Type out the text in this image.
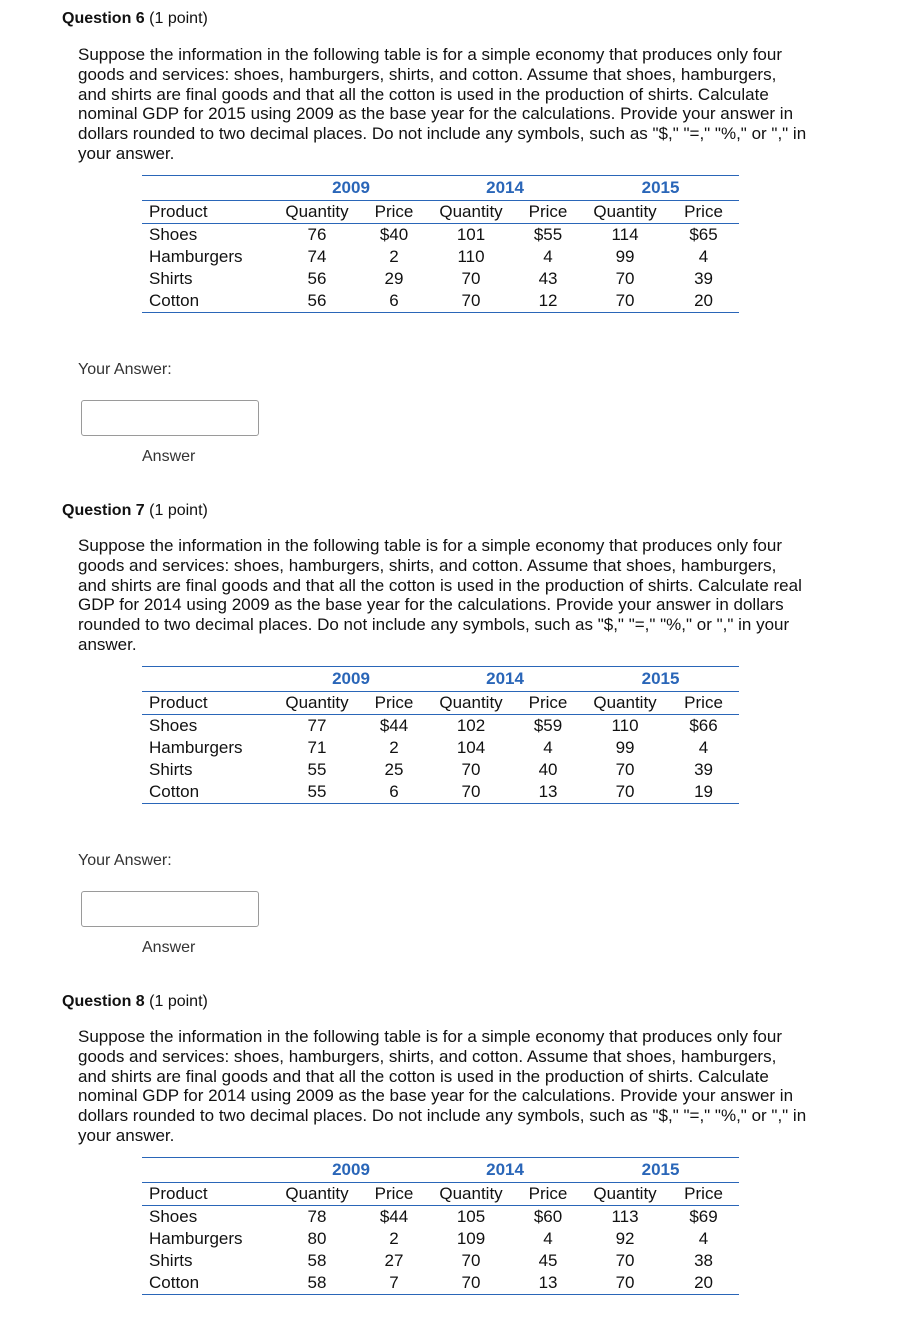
Question 6 (1 point)

Suppose the information in the following table is for a simple economy that produces only four goods and services: shoes, hamburgers, shirts, and cotton. Assume that shoes, hamburgers, and shirts are final goods and that all the cotton is used in the production of shirts. Calculate nominal GDP for 2015 using 2009 as the base year for the calculations. Provide your answer in dollars rounded to two decimal places. Do not include any symbols, such as "$," "=," "%," or "," in your answer.

	2009		2014		2015	
Product	Quantity	Price	Quantity	Price	Quantity	Price
Shoes	76	$40	101	$55	114	$65
Hamburgers	74	2	110	4	99	4
Shirts	56	29	70	43	70	39
Cotton	56	6	70	12	70	20
Your Answer:
Answer
Question 7 (1 point)

Suppose the information in the following table is for a simple economy that produces only four goods and services: shoes, hamburgers, shirts, and cotton. Assume that shoes, hamburgers, and shirts are final goods and that all the cotton is used in the production of shirts. Calculate real GDP for 2014 using 2009 as the base year for the calculations. Provide your answer in dollars rounded to two decimal places. Do not include any symbols, such as "$," "=," "%," or "," in your answer.

	2009		2014		2015	
Product	Quantity	Price	Quantity	Price	Quantity	Price
Shoes	77	$44	102	$59	110	$66
Hamburgers	71	2	104	4	99	4
Shirts	55	25	70	40	70	39
Cotton	55	6	70	13	70	19
Your Answer:
Answer
Question 8 (1 point)

Suppose the information in the following table is for a simple economy that produces only four goods and services: shoes, hamburgers, shirts, and cotton. Assume that shoes, hamburgers, and shirts are final goods and that all the cotton is used in the production of shirts. Calculate nominal GDP for 2014 using 2009 as the base year for the calculations. Provide your answer in dollars rounded to two decimal places. Do not include any symbols, such as "$," "=," "%," or "," in your answer.

	2009		2014		2015	
Product	Quantity	Price	Quantity	Price	Quantity	Price
Shoes	78	$44	105	$60	113	$69
Hamburgers	80	2	109	4	92	4
Shirts	58	27	70	45	70	38
Cotton	58	7	70	13	70	20
